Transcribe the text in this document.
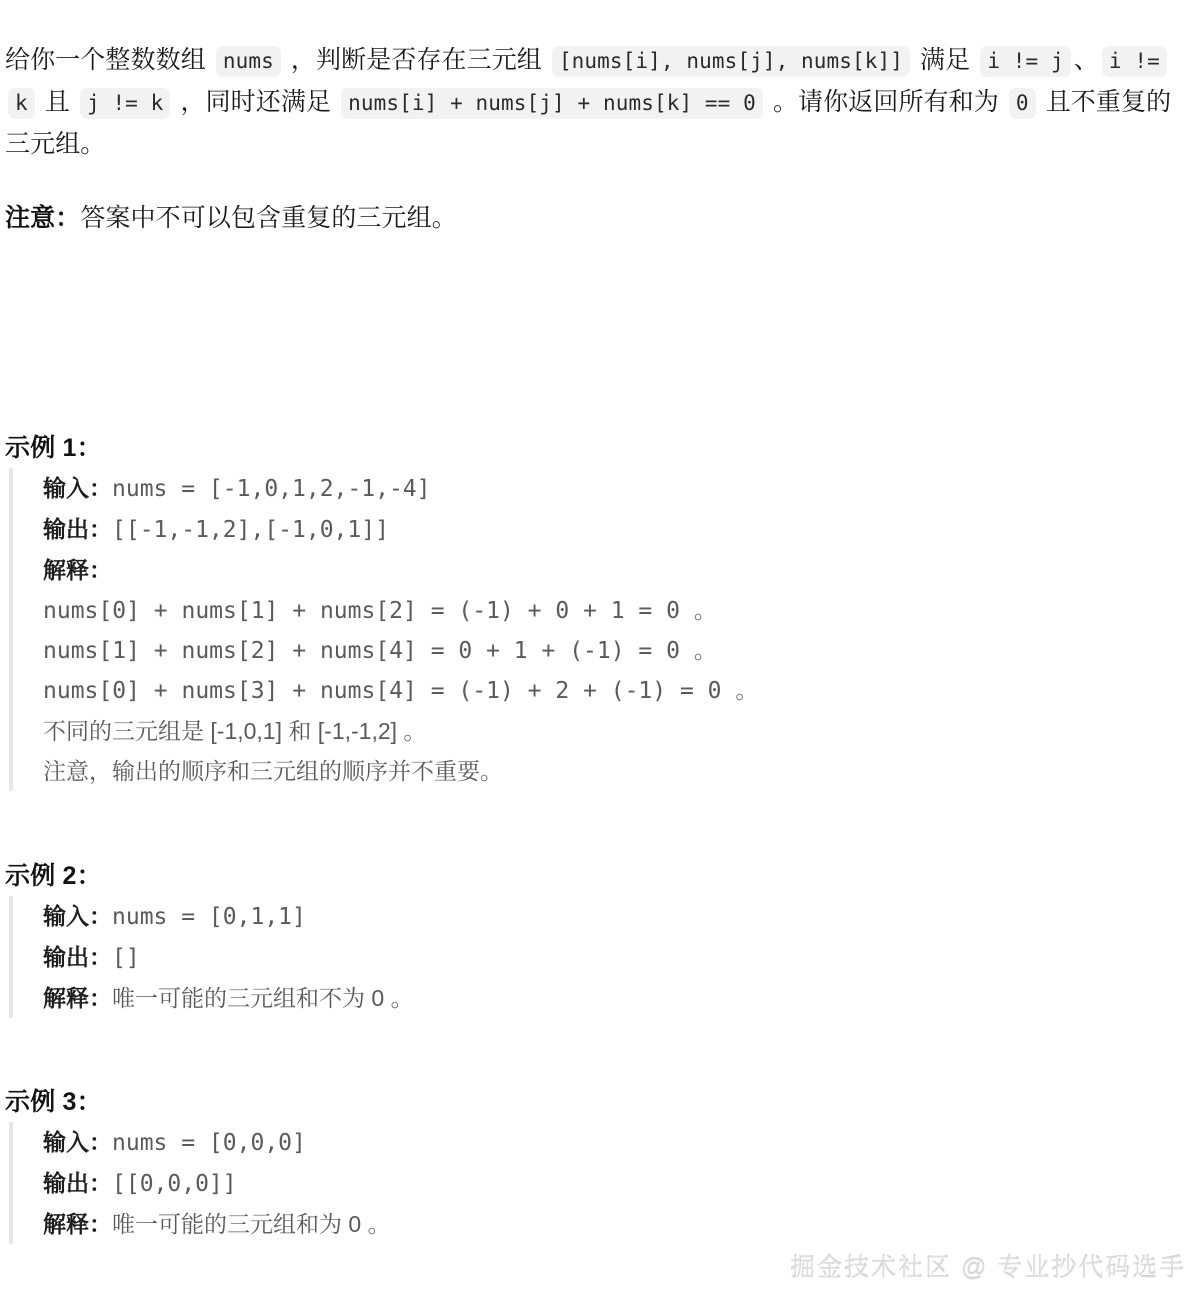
给你一个整数数组 nums ，判断是否存在三元组 [nums[i], nums[j], nums[k]] 满足 i != j 、 i != k 且 j != k ，同时还满足 nums[i] + nums[j] + nums[k] == 0 。请你返回所有和为 0 且不重复的三元组。

注意：答案中不可以包含重复的三元组。

示例 1：
输入：nums = [-1,0,1,2,-1,-4]
输出：[[-1,-1,2],[-1,0,1]]
解释：
nums[0] + nums[1] + nums[2] = (-1) + 0 + 1 = 0 。
nums[1] + nums[2] + nums[4] = 0 + 1 + (-1) = 0 。
nums[0] + nums[3] + nums[4] = (-1) + 2 + (-1) = 0 。
不同的三元组是 [-1,0,1] 和 [-1,-1,2] 。
注意，输出的顺序和三元组的顺序并不重要。
示例 2：
输入：nums = [0,1,1]
输出：[]
解释：唯一可能的三元组和不为 0 。
示例 3：
输入：nums = [0,0,0]
输出：[[0,0,0]]
解释：唯一可能的三元组和为 0 。
掘金技术社区 @ 专业抄代码选手
